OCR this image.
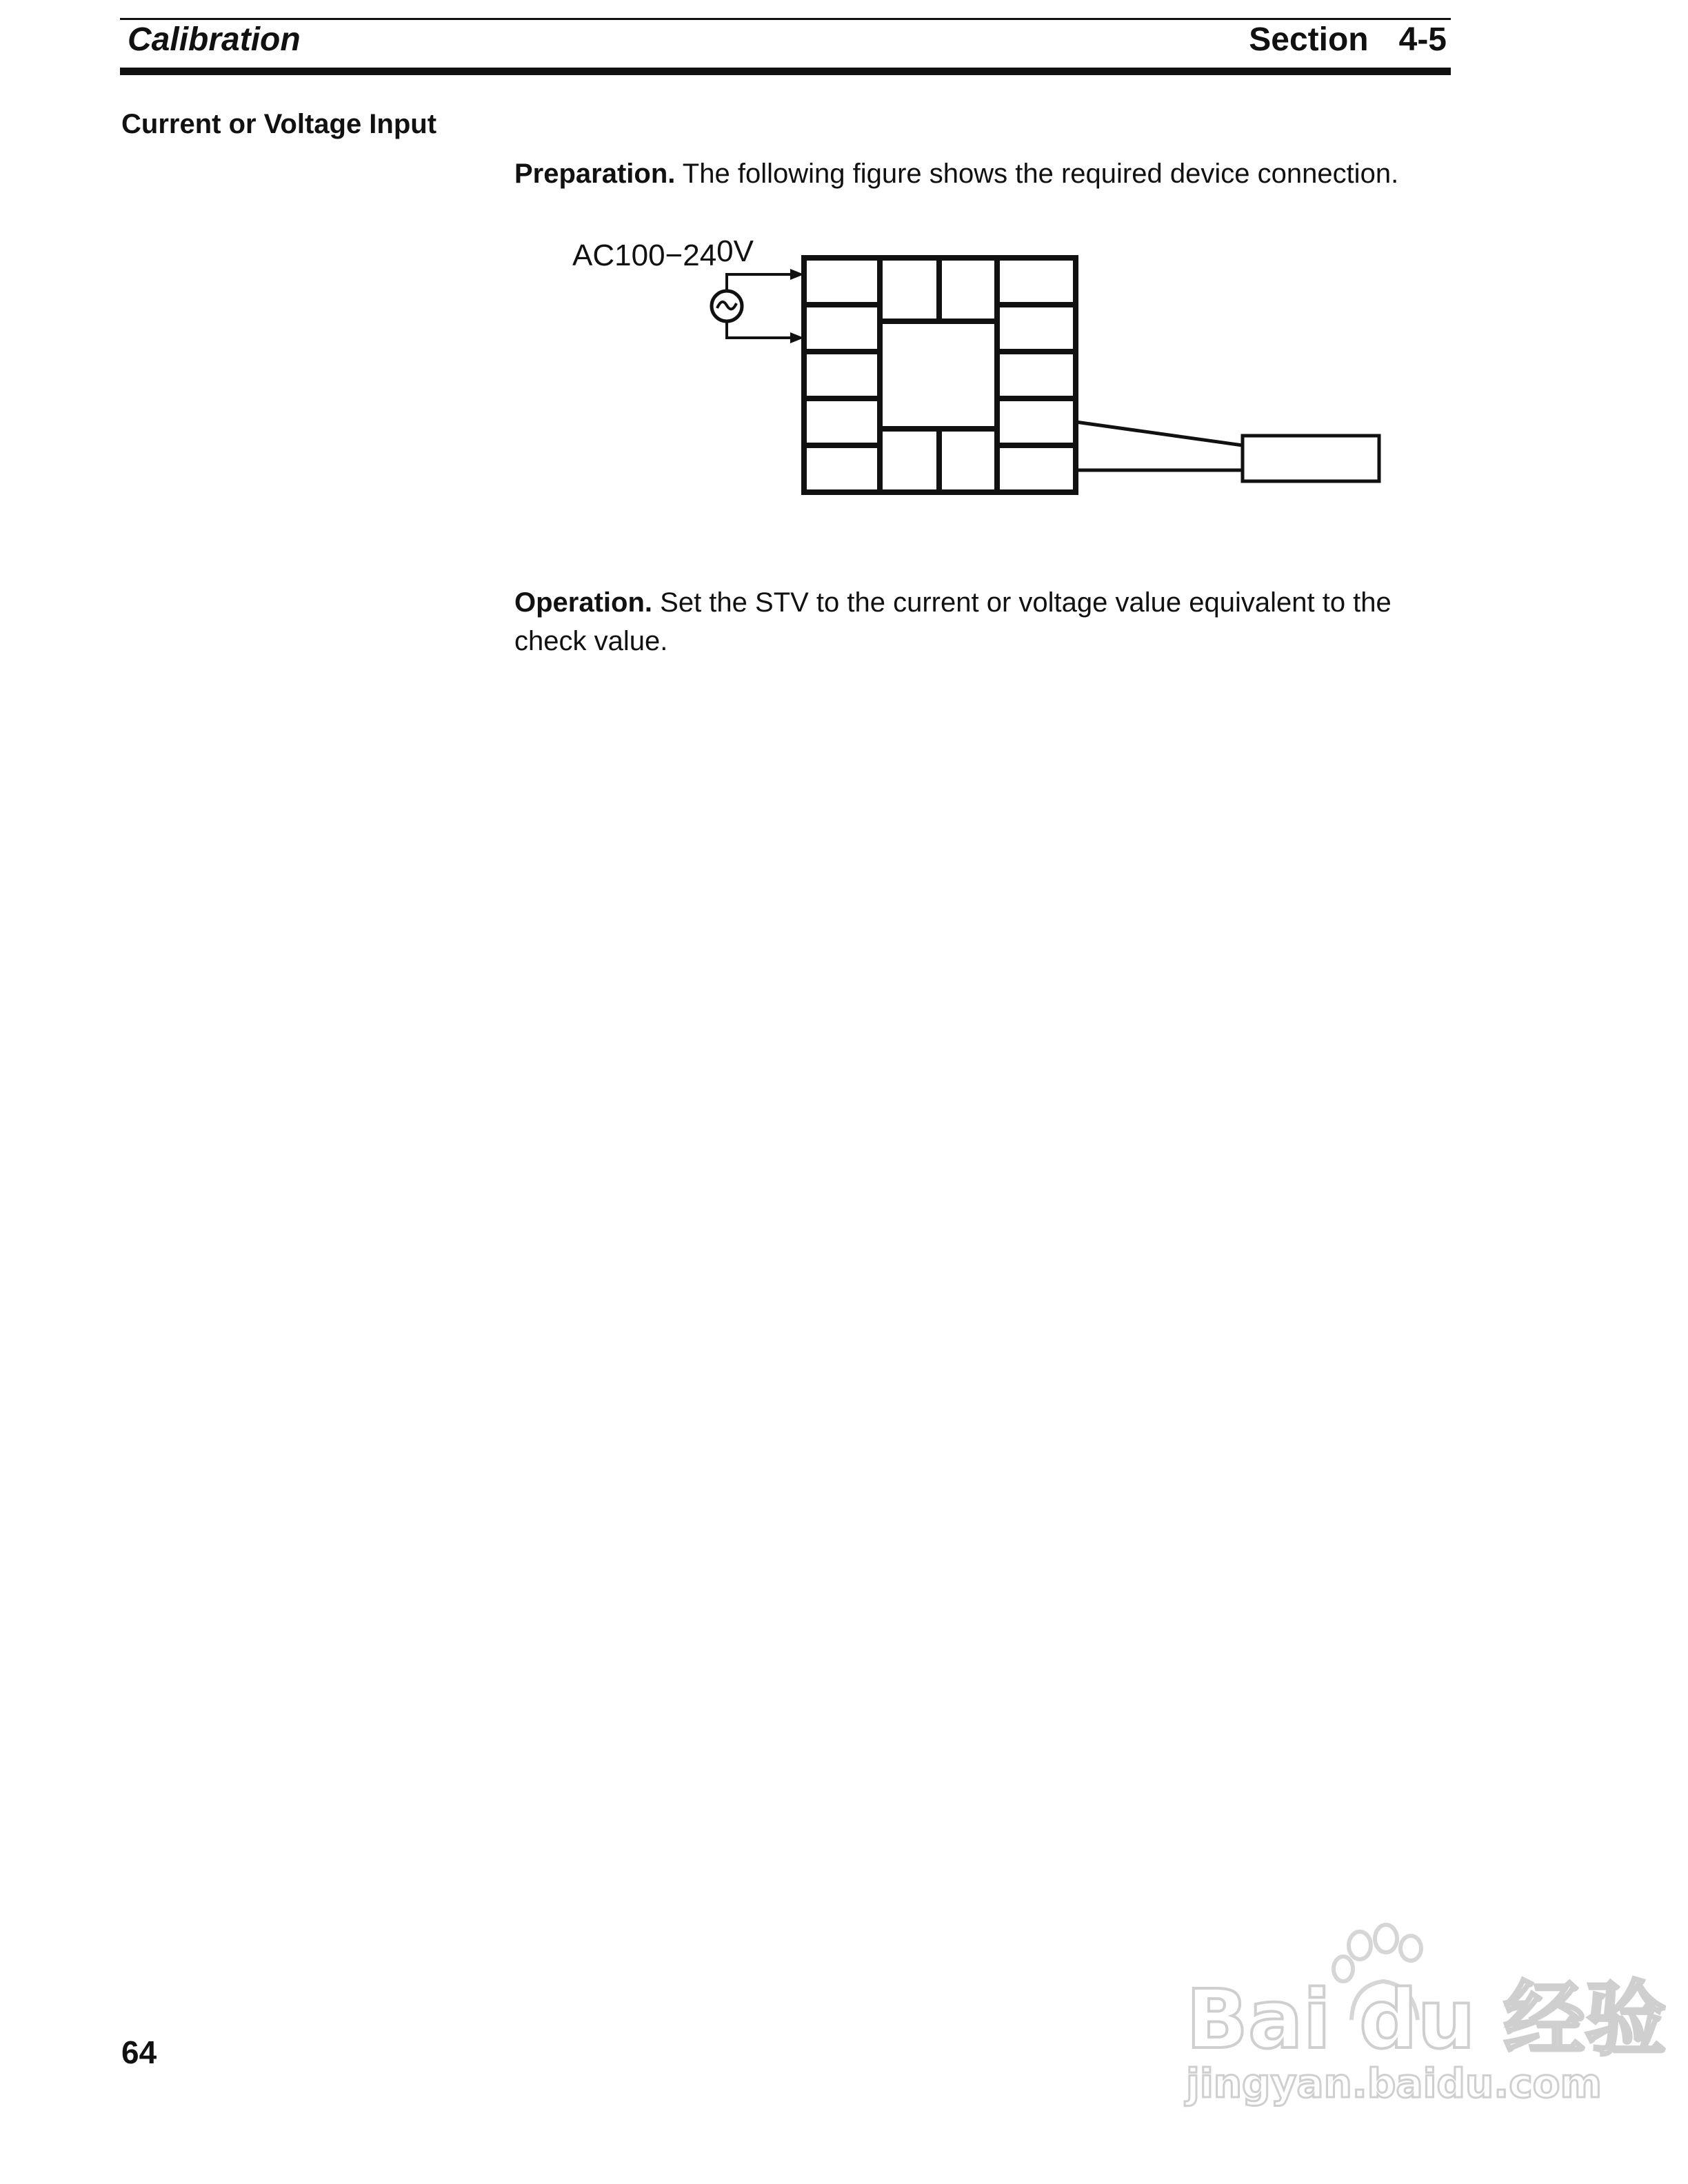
Calibration	Section 4-5
Current or Voltage Input
Preparation. The following figure shows the required device connection.
AC100−240V
Operation. Set the STV to the current or voltage value equivalent to the check value.
64	Bai du 经验
jingyan.baidu.com
